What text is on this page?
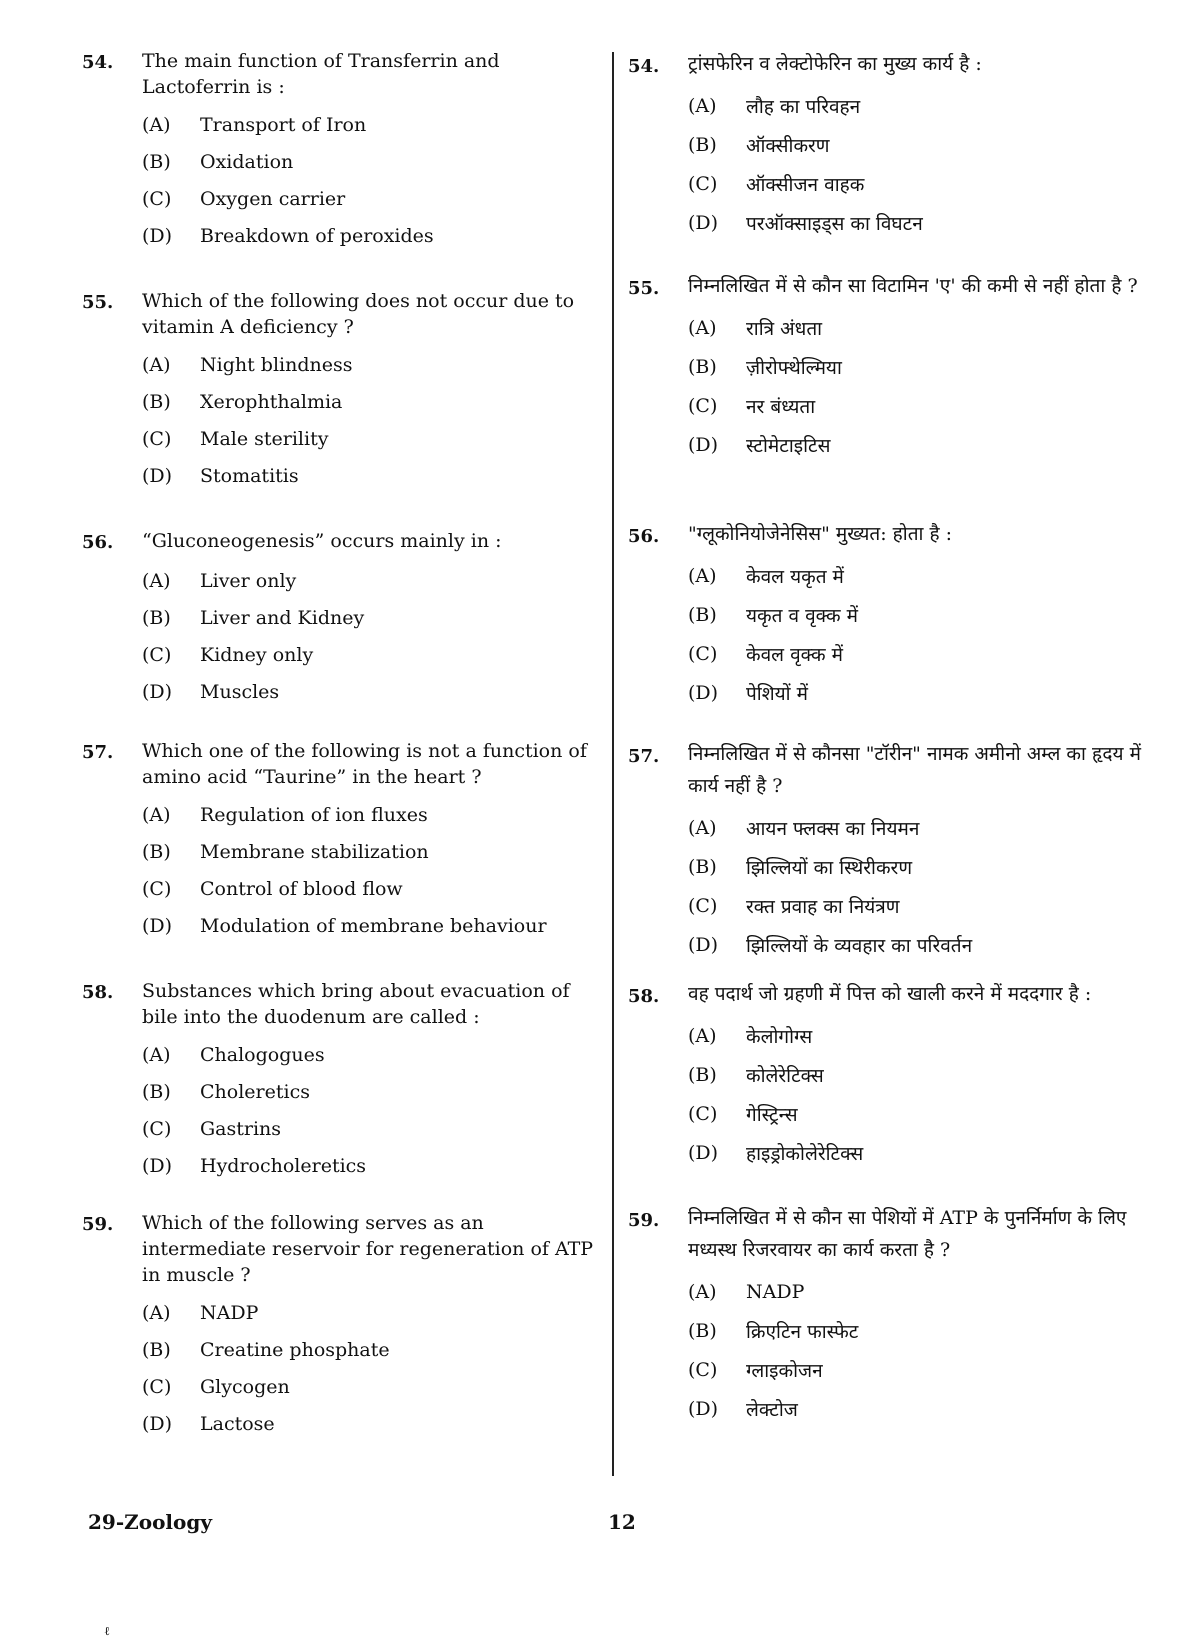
54.	The main function of Transferrin and Lactoferrin is :
(A)	Transport of Iron
(B)	Oxidation
(C)	Oxygen carrier
(D)	Breakdown of peroxides
55.	Which of the following does not occur due to vitamin A deficiency ?
(A)	Night blindness
(B)	Xerophthalmia
(C)	Male sterility
(D)	Stomatitis
56.	“Gluconeogenesis” occurs mainly in :
(A)	Liver only
(B)	Liver and Kidney
(C)	Kidney only
(D)	Muscles
57.	Which one of the following is not a function of amino acid “Taurine” in the heart ?
(A)	Regulation of ion fluxes
(B)	Membrane stabilization
(C)	Control of blood flow
(D)	Modulation of membrane behaviour
58.	Substances which bring about evacuation of bile into the duodenum are called :
(A)	Chalogogues
(B)	Choleretics
(C)	Gastrins
(D)	Hydrocholeretics
59.	Which of the following serves as an intermediate reservoir for regeneration of ATP in muscle ?
(A)	NADP
(B)	Creatine phosphate
(C)	Glycogen
(D)	Lactose
54.	ट्रांसफेरिन व लेक्टोफेरिन का मुख्य कार्य है :
(A)	लौह का परिवहन
(B)	ऑक्सीकरण
(C)	ऑक्सीजन वाहक
(D)	परऑक्साइड्स का विघटन
55.	निम्नलिखित में से कौन सा विटामिन 'ए' की कमी से नहीं होता है ?
(A)	रात्रि अंधता
(B)	ज़ीरोफ्थेल्मिया
(C)	नर बंध्यता
(D)	स्टोमेटाइटिस
56.	"ग्लूकोनियोजेनेसिस" मुख्यत: होता है :
(A)	केवल यकृत में
(B)	यकृत व वृक्क में
(C)	केवल वृक्क में
(D)	पेशियों में
57.	निम्नलिखित में से कौनसा "टॉरीन" नामक अमीनो अम्ल का हृदय में कार्य नहीं है ?
(A)	आयन फ्लक्स का नियमन
(B)	झिल्लियों का स्थिरीकरण
(C)	रक्त प्रवाह का नियंत्रण
(D)	झिल्लियों के व्यवहार का परिवर्तन
58.	वह पदार्थ जो ग्रहणी में पित्त को खाली करने में मददगार है :
(A)	केलोगोग्स
(B)	कोलेरेटिक्स
(C)	गेस्ट्रिन्स
(D)	हाइड्रोकोलेरेटिक्स
59.	निम्नलिखित में से कौन सा पेशियों में ATP के पुनर्निर्माण के लिए मध्यस्थ रिजरवायर का कार्य करता है ?
(A)	NADP
(B)	क्रिएटिन फास्फेट
(C)	ग्लाइकोजन
(D)	लेक्टोज
29-Zoology	12
ℓ
